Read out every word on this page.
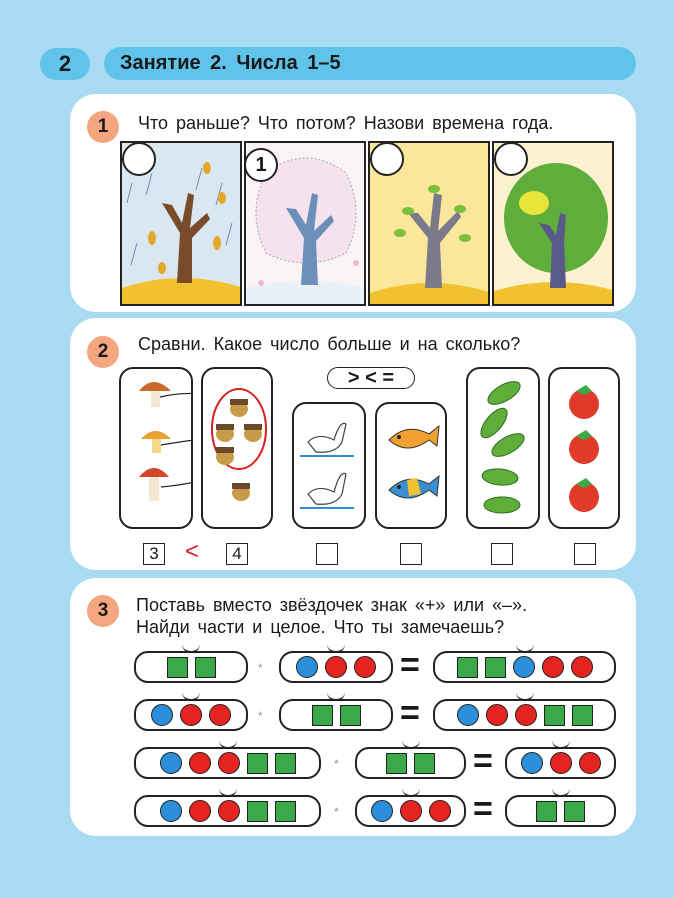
2	Занятие 2. Числа 1–5
1	Что раньше? Что потом? Назови времена года.
1
2	Сравни. Какое число больше и на сколько?
3 <	4
> < =
3	Поставь вместо звёздочек знак «+» или «–».
Найди части и целое. Что ты замечаешь?
*	=
*	=
*	=
*	=
